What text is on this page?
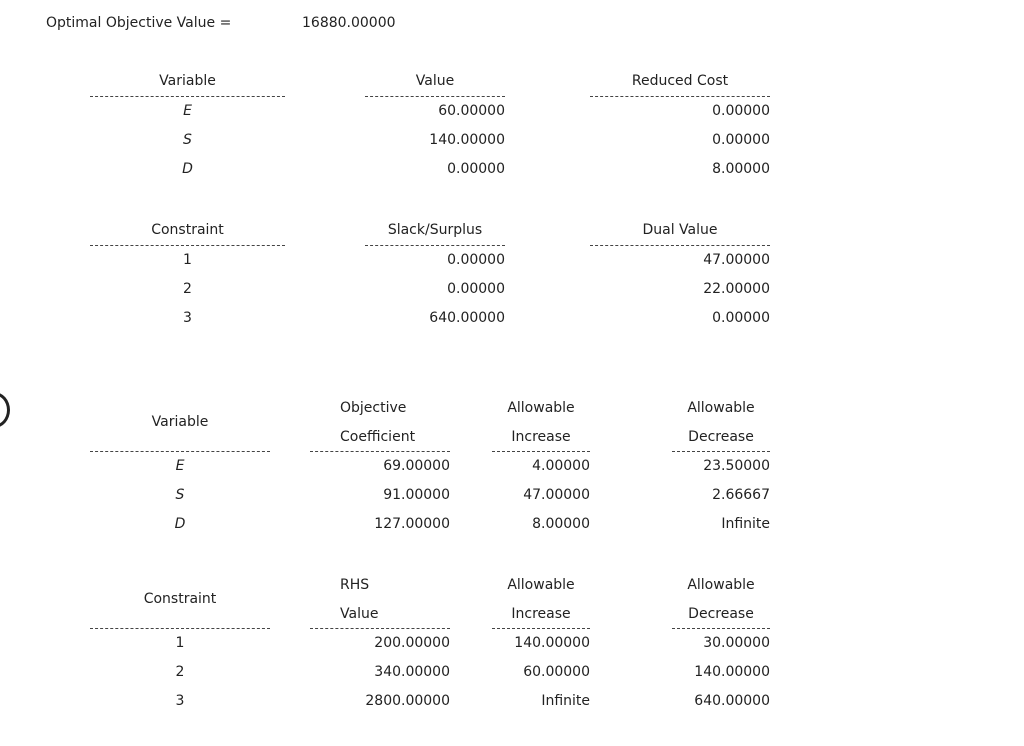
Optimal Objective Value =	16880.00000
Variable
E
S
D
Value
60.00000
140.00000
0.00000
Reduced Cost
0.00000
0.00000
8.00000
Constraint
1
2
3
Slack/Surplus
0.00000
0.00000
640.00000
Dual Value
47.00000
22.00000
0.00000
Variable
E
S
D
Objective
Coefficient
69.00000
91.00000
127.00000
Allowable
Increase
4.00000
47.00000
8.00000
Allowable
Decrease
23.50000
2.66667
Infinite
Constraint
1
2
3
RHS
Value
200.00000
340.00000
2800.00000
Allowable
Increase
140.00000
60.00000
Infinite
Allowable
Decrease
30.00000
140.00000
640.00000
